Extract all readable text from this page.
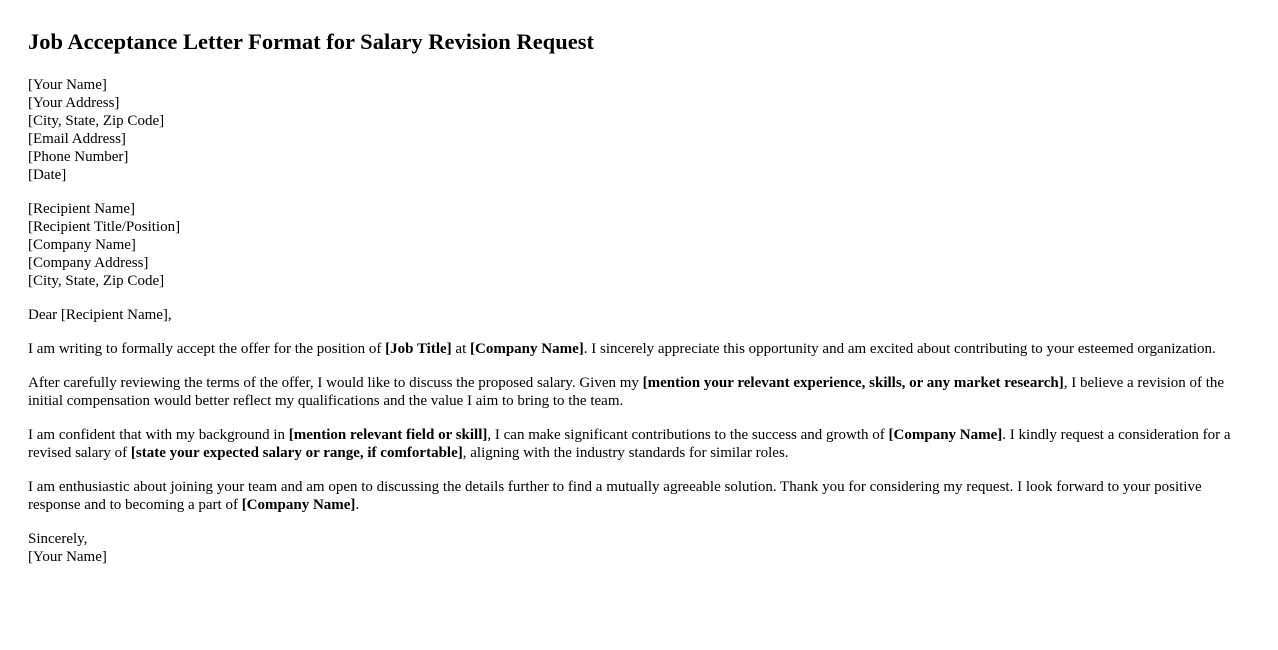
Job Acceptance Letter Format for Salary Revision Request
[Your Name]
[Your Address]
[City, State, Zip Code]
[Email Address]
[Phone Number]
[Date]
[Recipient Name]
[Recipient Title/Position]
[Company Name]
[Company Address]
[City, State, Zip Code]

Dear [Recipient Name],

I am writing to formally accept the offer for the position of [Job Title] at [Company Name]. I sincerely appreciate this opportunity and am excited about contributing to your esteemed organization.

After carefully reviewing the terms of the offer, I would like to discuss the proposed salary. Given my [mention your relevant experience, skills, or any market research], I believe a revision of the initial compensation would better reflect my qualifications and the value I aim to bring to the team.

I am confident that with my background in [mention relevant field or skill], I can make significant contributions to the success and growth of [Company Name]. I kindly request a consideration for a revised salary of [state your expected salary or range, if comfortable], aligning with the industry standards for similar roles.

I am enthusiastic about joining your team and am open to discussing the details further to find a mutually agreeable solution. Thank you for considering my request. I look forward to your positive response and to becoming a part of [Company Name].

Sincerely,
[Your Name]
